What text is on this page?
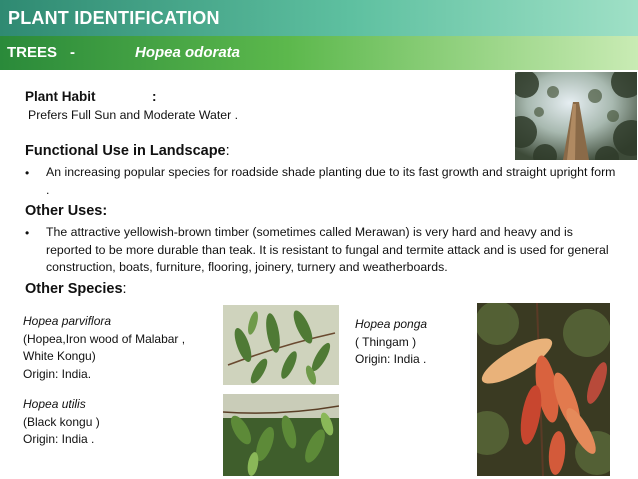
PLANT IDENTIFICATION
TREES -	Hopea odorata
Plant Habit	:
Prefers Full Sun and Moderate Water .
Functional Use in Landscape:
• An increasing popular species for roadside shade planting due to its fast growth and straight upright form .
Other Uses:
• The attractive yellowish-brown timber (sometimes called Merawan) is very hard and heavy and is reported to be more durable than teak. It is resistant to fungal and termite attack and is used for general construction, boats, furniture, flooring, joinery, turnery and weatherboards.
Other Species:
Hopea parviflora
(Hopea,Iron wood of Malabar ,
White Kongu)
Origin: India.
Hopea utilis
(Black kongu )
Origin: India .
Hopea ponga
( Thingam )
Origin: India .
